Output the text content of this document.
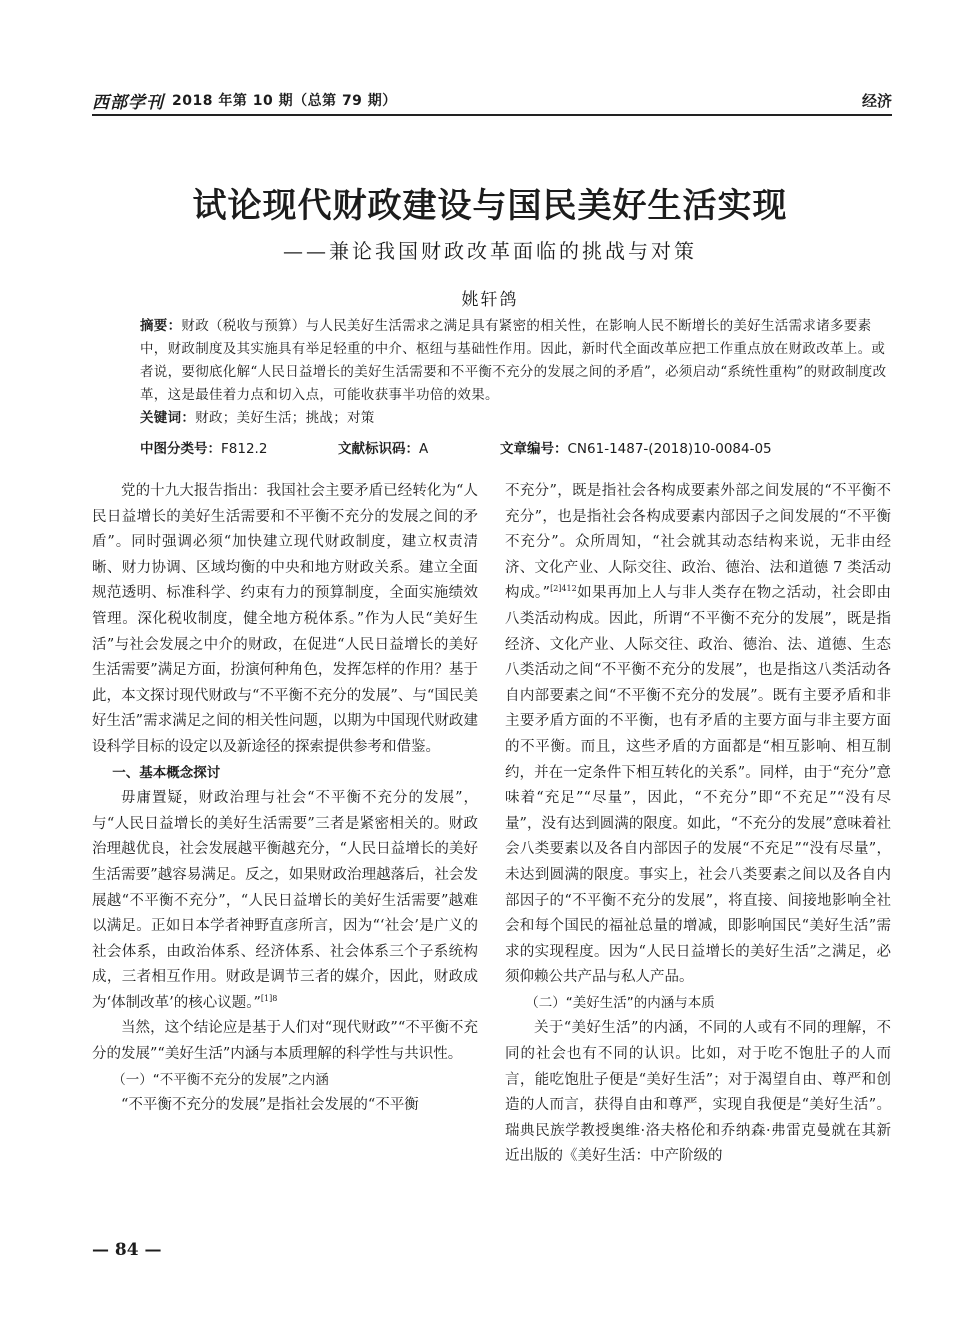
西部学刊 2018 年第 10 期（总第 79 期）	经济
试论现代财政建设与国民美好生活实现
——兼论我国财政改革面临的挑战与对策
姚轩鸽

摘要：财政（税收与预算）与人民美好生活需求之满足具有紧密的相关性，在影响人民不断增长的美好生活需求诸多要素中，财政制度及其实施具有举足轻重的中介、枢纽与基础性作用。因此，新时代全面改革应把工作重点放在财政改革上。或者说，要彻底化解“人民日益增长的美好生活需要和不平衡不充分的发展之间的矛盾”，必须启动“系统性重构”的财政制度改革，这是最佳着力点和切入点，可能收获事半功倍的效果。

关键词：财政；美好生活；挑战；对策

中图分类号：F812.2	文献标识码：A	文章编号：CN61-1487-(2018)10-0084-05

党的十九大报告指出：我国社会主要矛盾已经转化为“人民日益增长的美好生活需要和不平衡不充分的发展之间的矛盾”。同时强调必须“加快建立现代财政制度，建立权责清晰、财力协调、区域均衡的中央和地方财政关系。建立全面规范透明、标准科学、约束有力的预算制度，全面实施绩效管理。深化税收制度，健全地方税体系。”作为人民“美好生活”与社会发展之中介的财政，在促进“人民日益增长的美好生活需要”满足方面，扮演何种角色，发挥怎样的作用？基于此，本文探讨现代财政与“不平衡不充分的发展”、与“国民美好生活”需求满足之间的相关性问题，以期为中国现代财政建设科学目标的设定以及新途径的探索提供参考和借鉴。

一、基本概念探讨

毋庸置疑，财政治理与社会“不平衡不充分的发展”，与“人民日益增长的美好生活需要”三者是紧密相关的。财政治理越优良，社会发展越平衡越充分，“人民日益增长的美好生活需要”越容易满足。反之，如果财政治理越落后，社会发展越“不平衡不充分”，“人民日益增长的美好生活需要”越难以满足。正如日本学者神野直彦所言，因为“‘社会’是广义的社会体系，由政治体系、经济体系、社会体系三个子系统构成，三者相互作用。财政是调节三者的媒介，因此，财政成为‘体制改革’的核心议题。”$^{[1]8}$

当然，这个结论应是基于人们对“现代财政”“不平衡不充分的发展”“美好生活”内涵与本质理解的科学性与共识性。

（一）“不平衡不充分的发展”之内涵

“不平衡不充分的发展”是指社会发展的“不平衡

不充分”，既是指社会各构成要素外部之间发展的“不平衡不充分”，也是指社会各构成要素内部因子之间发展的“不平衡不充分”。众所周知，“社会就其动态结构来说，无非由经济、文化产业、人际交往、政治、德治、法和道德 7 类活动构成。”$^{[2]412}$如果再加上人与非人类存在物之活动，社会即由八类活动构成。因此，所谓“不平衡不充分的发展”，既是指经济、文化产业、人际交往、政治、德治、法、道德、生态八类活动之间“不平衡不充分的发展”，也是指这八类活动各自内部要素之间“不平衡不充分的发展”。既有主要矛盾和非主要矛盾方面的不平衡，也有矛盾的主要方面与非主要方面的不平衡。而且，这些矛盾的方面都是“相互影响、相互制约，并在一定条件下相互转化的关系”。同样，由于“充分”意味着“充足”“尽量”，因此，“不充分”即“不充足”“没有尽量”，没有达到圆满的限度。如此，“不充分的发展”意味着社会八类要素以及各自内部因子的发展“不充足”“没有尽量”，未达到圆满的限度。事实上，社会八类要素之间以及各自内部因子的“不平衡不充分的发展”，将直接、间接地影响全社会和每个国民的福祉总量的增减，即影响国民“美好生活”需求的实现程度。因为“人民日益增长的美好生活”之满足，必须仰赖公共产品与私人产品。

（二）“美好生活”的内涵与本质

关于“美好生活”的内涵，不同的人或有不同的理解，不同的社会也有不同的认识。比如，对于吃不饱肚子的人而言，能吃饱肚子便是“美好生活”；对于渴望自由、尊严和创造的人而言，获得自由和尊严，实现自我便是“美好生活”。瑞典民族学教授奥维·洛夫格伦和乔纳森·弗雷克曼就在其新近出版的《美好生活：中产阶级的

— 84 —
